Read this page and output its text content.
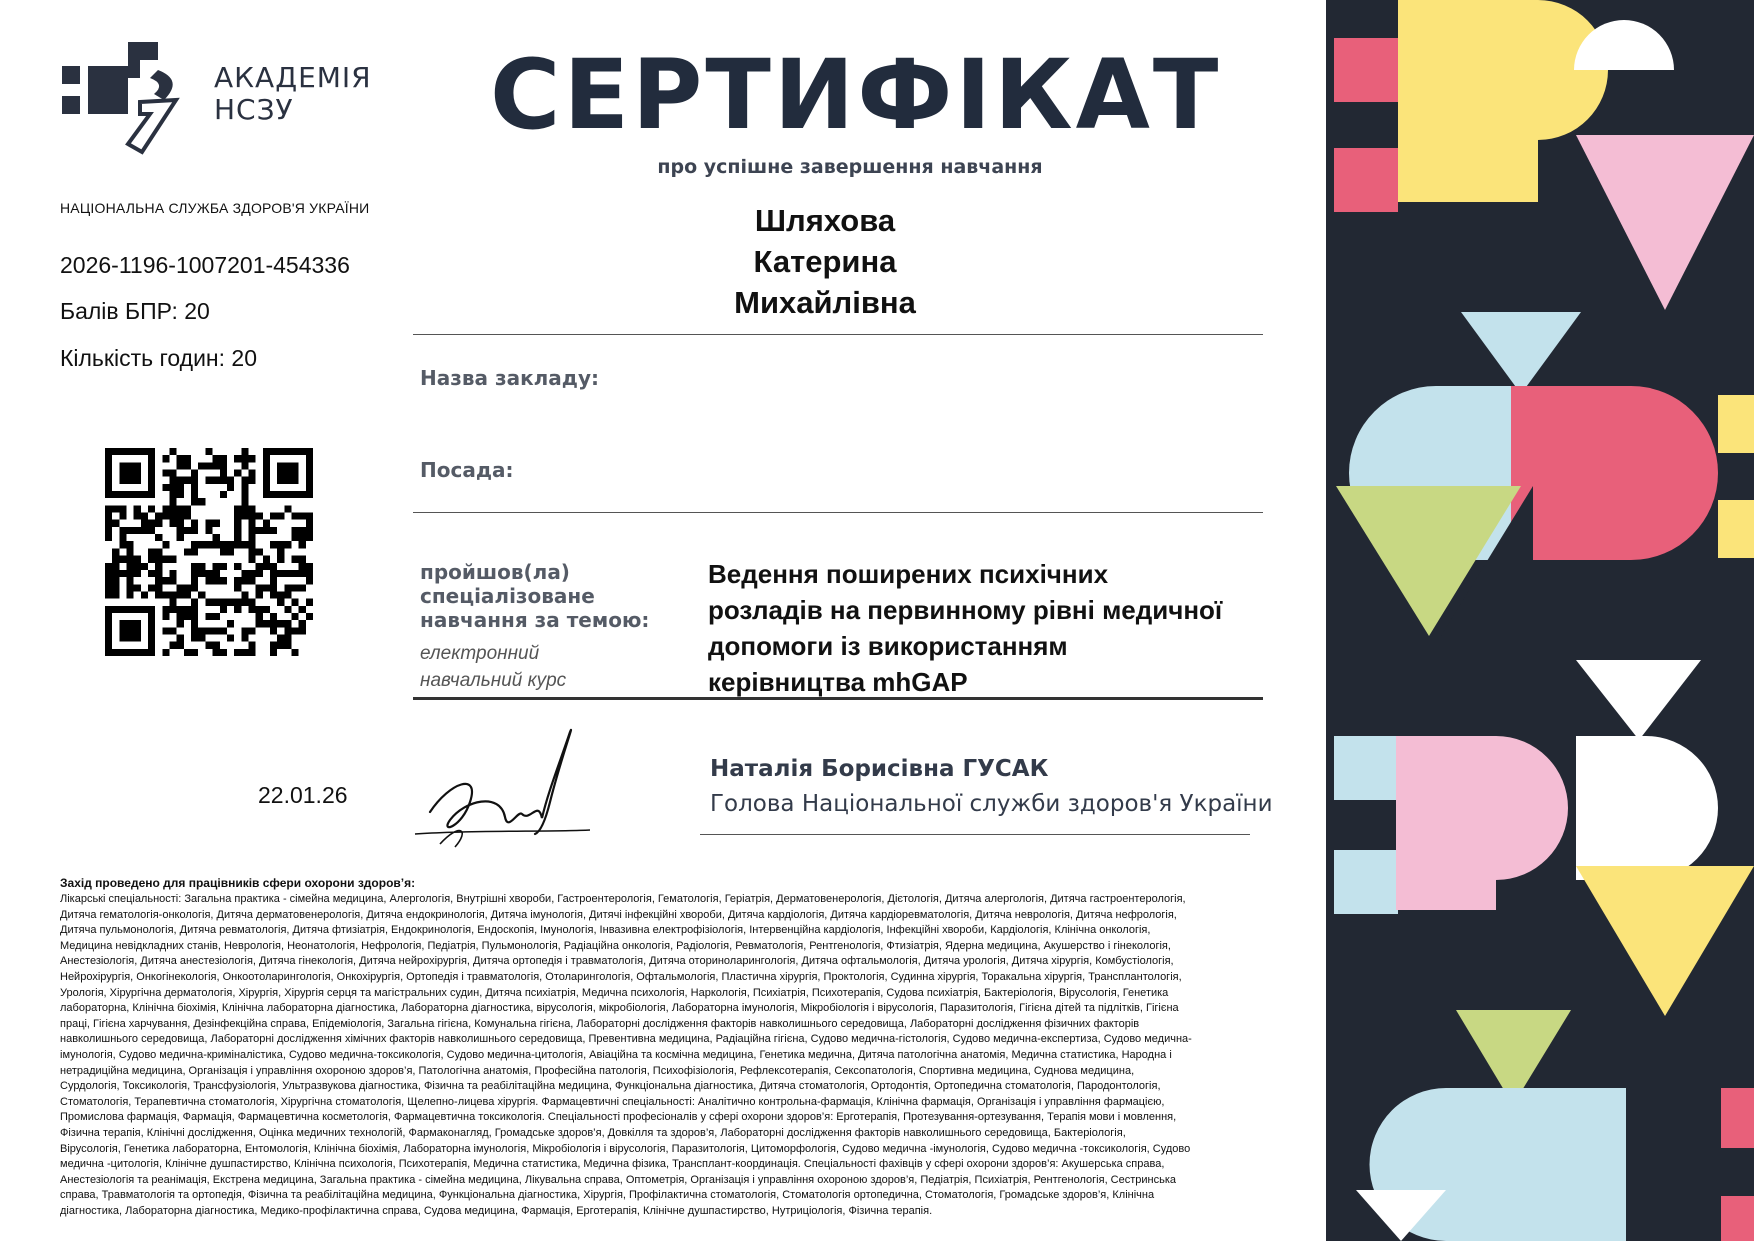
АКАДЕМІЯ
НСЗУ
НАЦІОНАЛЬНА СЛУЖБА ЗДОРОВ'Я УКРАЇНИ
2026-1196-1007201-454336
Балів БПР: 20
Кількість годин: 20
22.01.26
СЕРТИФІКАТ
про успішне завершення навчання
Шляхова
Катерина
Михайлівна
Назва закладу:
Посада:
пройшов(ла)
спеціалізоване
навчання за темою:
електронний
навчальний курс
Ведення поширених психічних
розладів на первинному рівні медичної
допомоги із використанням
керівництва mhGAP
Наталія Борисівна ГУСАК
Голова Національної служби здоров'я України
Захід проведено для працівників сфери охорони здоров’я:
Лікарські спеціальності: Загальна практика - сімейна медицина, Алергологія, Внутрішні хвороби, Гастроентерологія, Гематологія, Геріатрія, Дерматовенерологія, Дієтологія, Дитяча алергологія, Дитяча гастроентерологія,
Дитяча гематологія-онкологія, Дитяча дерматовенерологія, Дитяча ендокринологія, Дитяча імунологія, Дитячі інфекційні хвороби, Дитяча кардіологія, Дитяча кардіоревматологія, Дитяча неврологія, Дитяча нефрологія,
Дитяча пульмонологія, Дитяча ревматологія, Дитяча фтизіатрія, Ендокринологія, Ендоскопія, Імунологія, Інвазивна електрофізіологія, Інтервенційна кардіологія, Інфекційні хвороби, Кардіологія, Клінічна онкологія,
Медицина невідкладних станів, Неврологія, Неонатологія, Нефрологія, Педіатрія, Пульмонологія, Радіаційна онкологія, Радіологія, Ревматологія, Рентгенологія, Фтизіатрія, Ядерна медицина, Акушерство і гінекологія,
Анестезіологія, Дитяча анестезіологія, Дитяча гінекологія, Дитяча нейрохірургія, Дитяча ортопедія і травматологія, Дитяча оториноларингологія, Дитяча офтальмологія, Дитяча урологія, Дитяча хірургія, Комбустіологія,
Нейрохірургія, Онкогінекологія, Онкоотоларингологія, Онкохірургія, Ортопедія і травматологія, Отоларингологія, Офтальмологія, Пластична хірургія, Проктологія, Судинна хірургія, Торакальна хірургія, Трансплантологія,
Урологія, Хірургічна дерматологія, Хірургія, Хірургія серця та магістральних судин, Дитяча психіатрія, Медична психологія, Наркологія, Психіатрія, Психотерапія, Судова психіатрія, Бактеріологія, Вірусологія, Генетика
лабораторна, Клінічна біохімія, Клінічна лабораторна діагностика, Лабораторна діагностика, вірусологія, мікробіологія, Лабораторна імунологія, Мікробіологія і вірусологія, Паразитологія, Гігієна дітей та підлітків, Гігієна
праці, Гігієна харчування, Дезінфекційна справа, Епідеміологія, Загальна гігієна, Комунальна гігієна, Лабораторні дослідження факторів навколишнього середовища, Лабораторні дослідження фізичних факторів
навколишнього середовища, Лабораторні дослідження хімічних факторів навколишнього середовища, Превентивна медицина, Радіаційна гігієна, Судово медична-гістологія, Судово медична-експертиза, Судово медична-
імунологія, Судово медична-криміналістика, Судово медична-токсикологія, Судово медична-цитологія, Авіаційна та космічна медицина, Генетика медична, Дитяча патологічна анатомія, Медична статистика, Народна і
нетрадиційна медицина, Організація і управління охороною здоров’я, Патологічна анатомія, Професійна патологія, Психофізіологія, Рефлексотерапія, Сексопатологія, Спортивна медицина, Суднова медицина,
Сурдологія, Токсикологія, Трансфузіологія, Ультразвукова діагностика, Фізична та реабілітаційна медицина, Функціональна діагностика, Дитяча стоматологія, Ортодонтія, Ортопедична стоматологія, Пародонтологія,
Стоматологія, Терапевтична стоматологія, Хірургічна стоматологія, Щелепно-лицева хірургія. Фармацевтичні спеціальності: Аналітично контрольна-фармація, Клінічна фармація, Організація і управління фармацією,
Промислова фармація, Фармація, Фармацевтична косметологія, Фармацевтична токсикологія. Спеціальності професіоналів у сфері охорони здоров’я: Ерготерапія, Протезування-ортезування, Терапія мови і мовлення,
Фізична терапія, Клінічні дослідження, Оцінка медичних технологій, Фармаконагляд, Громадське здоров’я, Довкілля та здоров’я, Лабораторні дослідження факторів навколишнього середовища, Бактеріологія,
Вірусологія, Генетика лабораторна, Ентомологія, Клінічна біохімія, Лабораторна імунологія, Мікробіологія і вірусологія, Паразитологія, Цитоморфологія, Судово медична -імунологія, Судово медична -токсикологія, Судово
медична -цитологія, Клінічне душпастирство, Клінічна психологія, Психотерапія, Медична статистика, Медична фізика, Трансплант-координація. Спеціальності фахівців у сфері охорони здоров’я: Акушерська справа,
Анестезіологія та реанімація, Екстрена медицина, Загальна практика - сімейна медицина, Лікувальна справа, Оптометрія, Організація і управління охороною здоров’я, Педіатрія, Психіатрія, Рентгенологія, Сестринська
справа, Травматологія та ортопедія, Фізична та реабілітаційна медицина, Функціональна діагностика, Хірургія, Профілактична стоматологія, Стоматологія ортопедична, Стоматологія, Громадське здоров’я, Клінічна
діагностика, Лабораторна діагностика, Медико-профілактична справа, Судова медицина, Фармація, Ерготерапія, Клінічне душпастирство, Нутриціологія, Фізична терапія.
